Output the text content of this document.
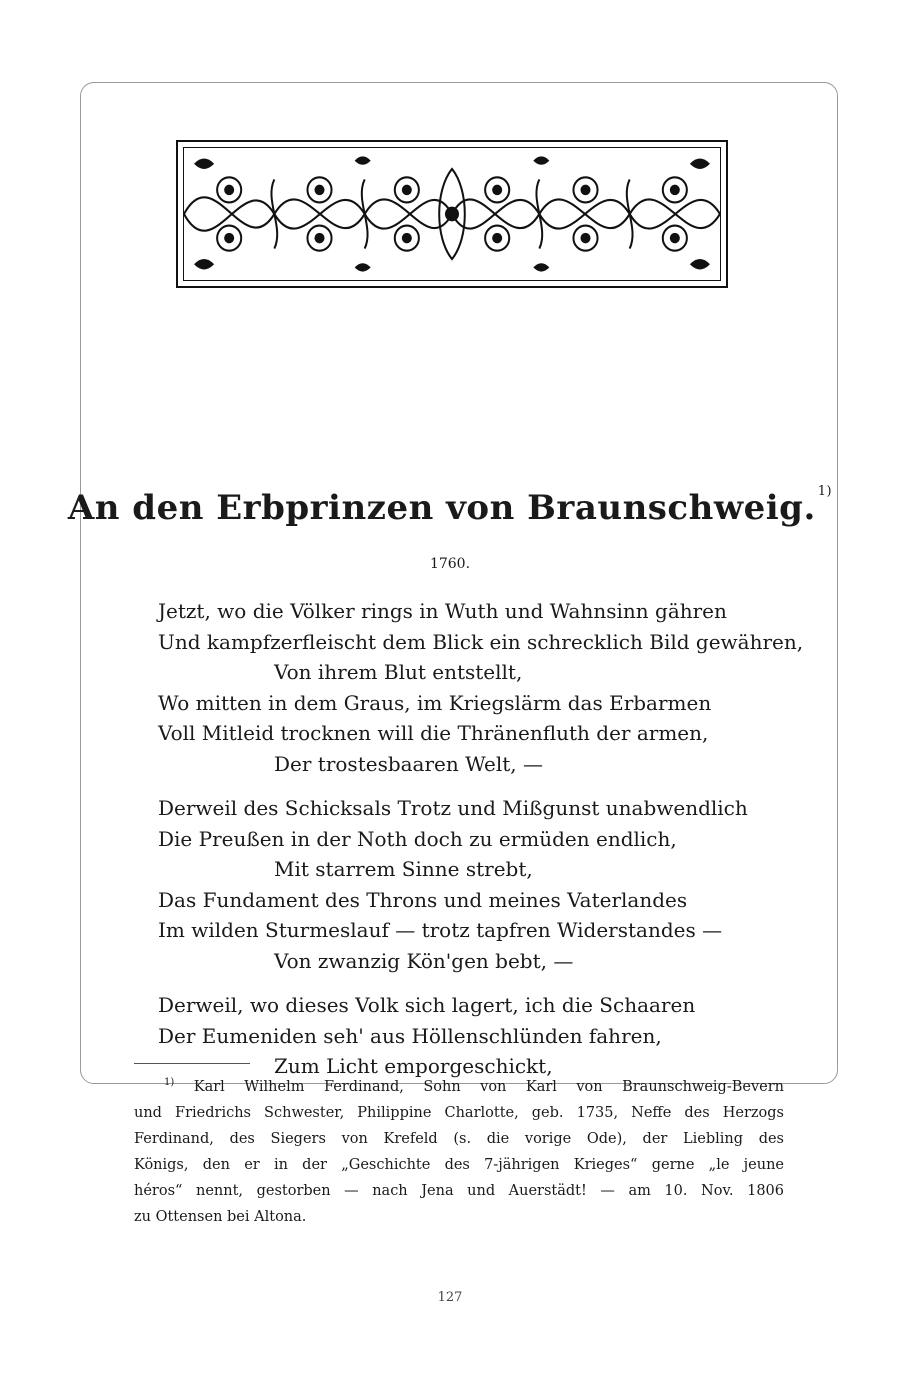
An den Erbprinzen von Braunschweig. $^{1)}$
1760.
Jetzt, wo die Völker rings in Wuth und Wahnsinn gähren
Und kampfzerfleischt dem Blick ein schrecklich Bild gewähren,
Von ihrem Blut entstellt,
Wo mitten in dem Graus, im Kriegslärm das Erbarmen
Voll Mitleid trocknen will die Thränenfluth der armen,
Der trostesbaaren Welt, —
Derweil des Schicksals Trotz und Mißgunst unabwendlich
Die Preußen in der Noth doch zu ermüden endlich,
Mit starrem Sinne strebt,
Das Fundament des Throns und meines Vaterlandes
Im wilden Sturmeslauf — trotz tapfren Widerstandes —
Von zwanzig Kön'gen bebt, —
Derweil, wo dieses Volk sich lagert, ich die Schaaren
Der Eumeniden seh' aus Höllenschlünden fahren,
Zum Licht emporgeschickt,

$^{1)}$ Karl Wilhelm Ferdinand, Sohn von Karl von Braunschweig-Bevern

und Friedrichs Schwester, Philippine Charlotte, geb. 1735, Neffe des Herzogs

Ferdinand, des Siegers von Krefeld (s. die vorige Ode), der Liebling des

Königs, den er in der „Geschichte des 7-jährigen Krieges“ gerne „le jeune

héros“ nennt, gestorben — nach Jena und Auerstädt! — am 10. Nov. 1806

zu Ottensen bei Altona.

127
